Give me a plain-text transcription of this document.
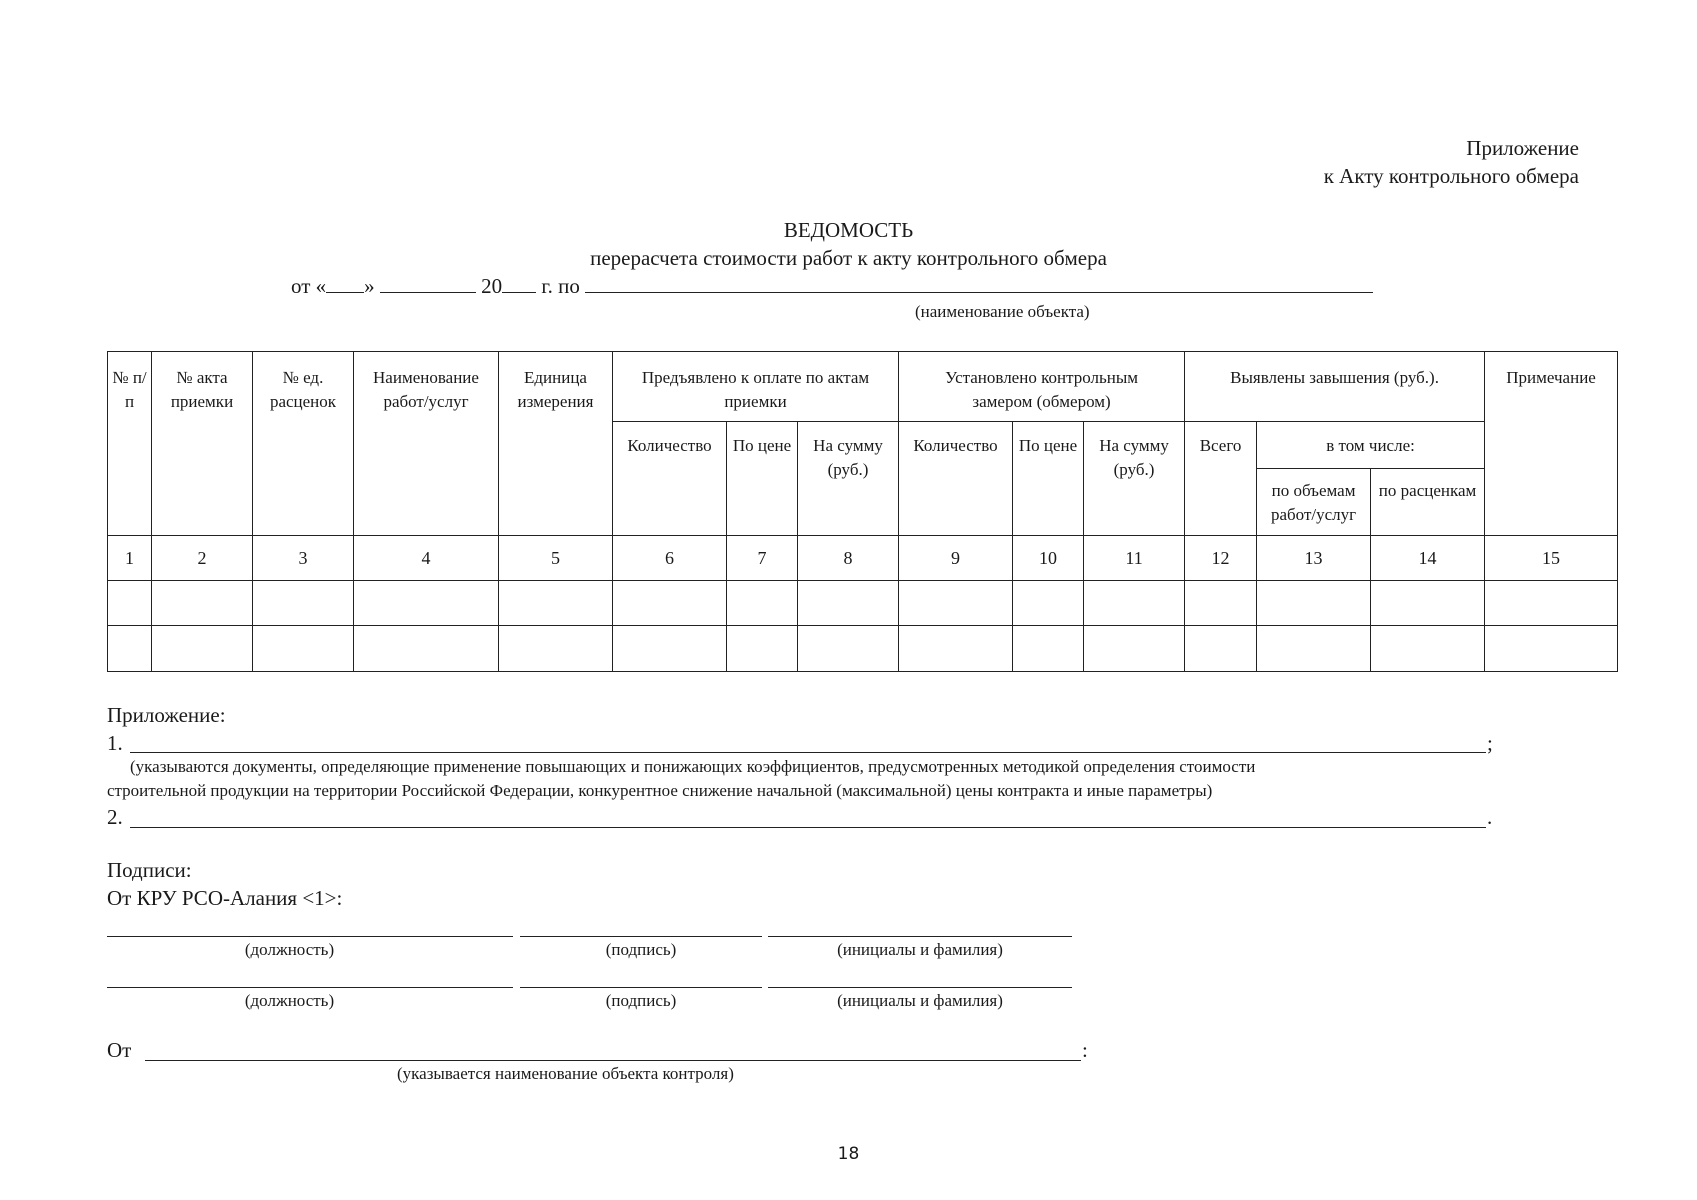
Приложение
к Акту контрольного обмера
ВЕДОМОСТЬ
перерасчета стоимости работ к акту контрольного обмера
от « »	20 г. по
(наименование объекта)
№ п/п	№ акта приемки	№ ед. расценок	Наименование работ/услуг	Единица измерения	Предъявлено к оплате по актам приемки			Установлено контрольным замером (обмером)			Выявлены завышения (руб.).			Примечание
					Количество	По цене	На сумму (руб.)	Количество	По цене	На сумму (руб.)	Всего	в том числе:		
												по объемам работ/услуг	по расценкам	
1	2	3	4	5	6	7	8	9	10	11	12	13	14	15

Приложение:
1.	;
(указываются документы, определяющие применение повышающих и понижающих коэффициентов, предусмотренных методикой определения стоимости
строительной продукции на территории Российской Федерации, конкурентное снижение начальной (максимальной) цены контракта и иные параметры)
2.	.
Подписи:
От КРУ РСО-Алания <1>:
(должность)	(подпись)	(инициалы и фамилия)
(должность)	(подпись)	(инициалы и фамилия)
От	:
(указывается наименование объекта контроля)
18
